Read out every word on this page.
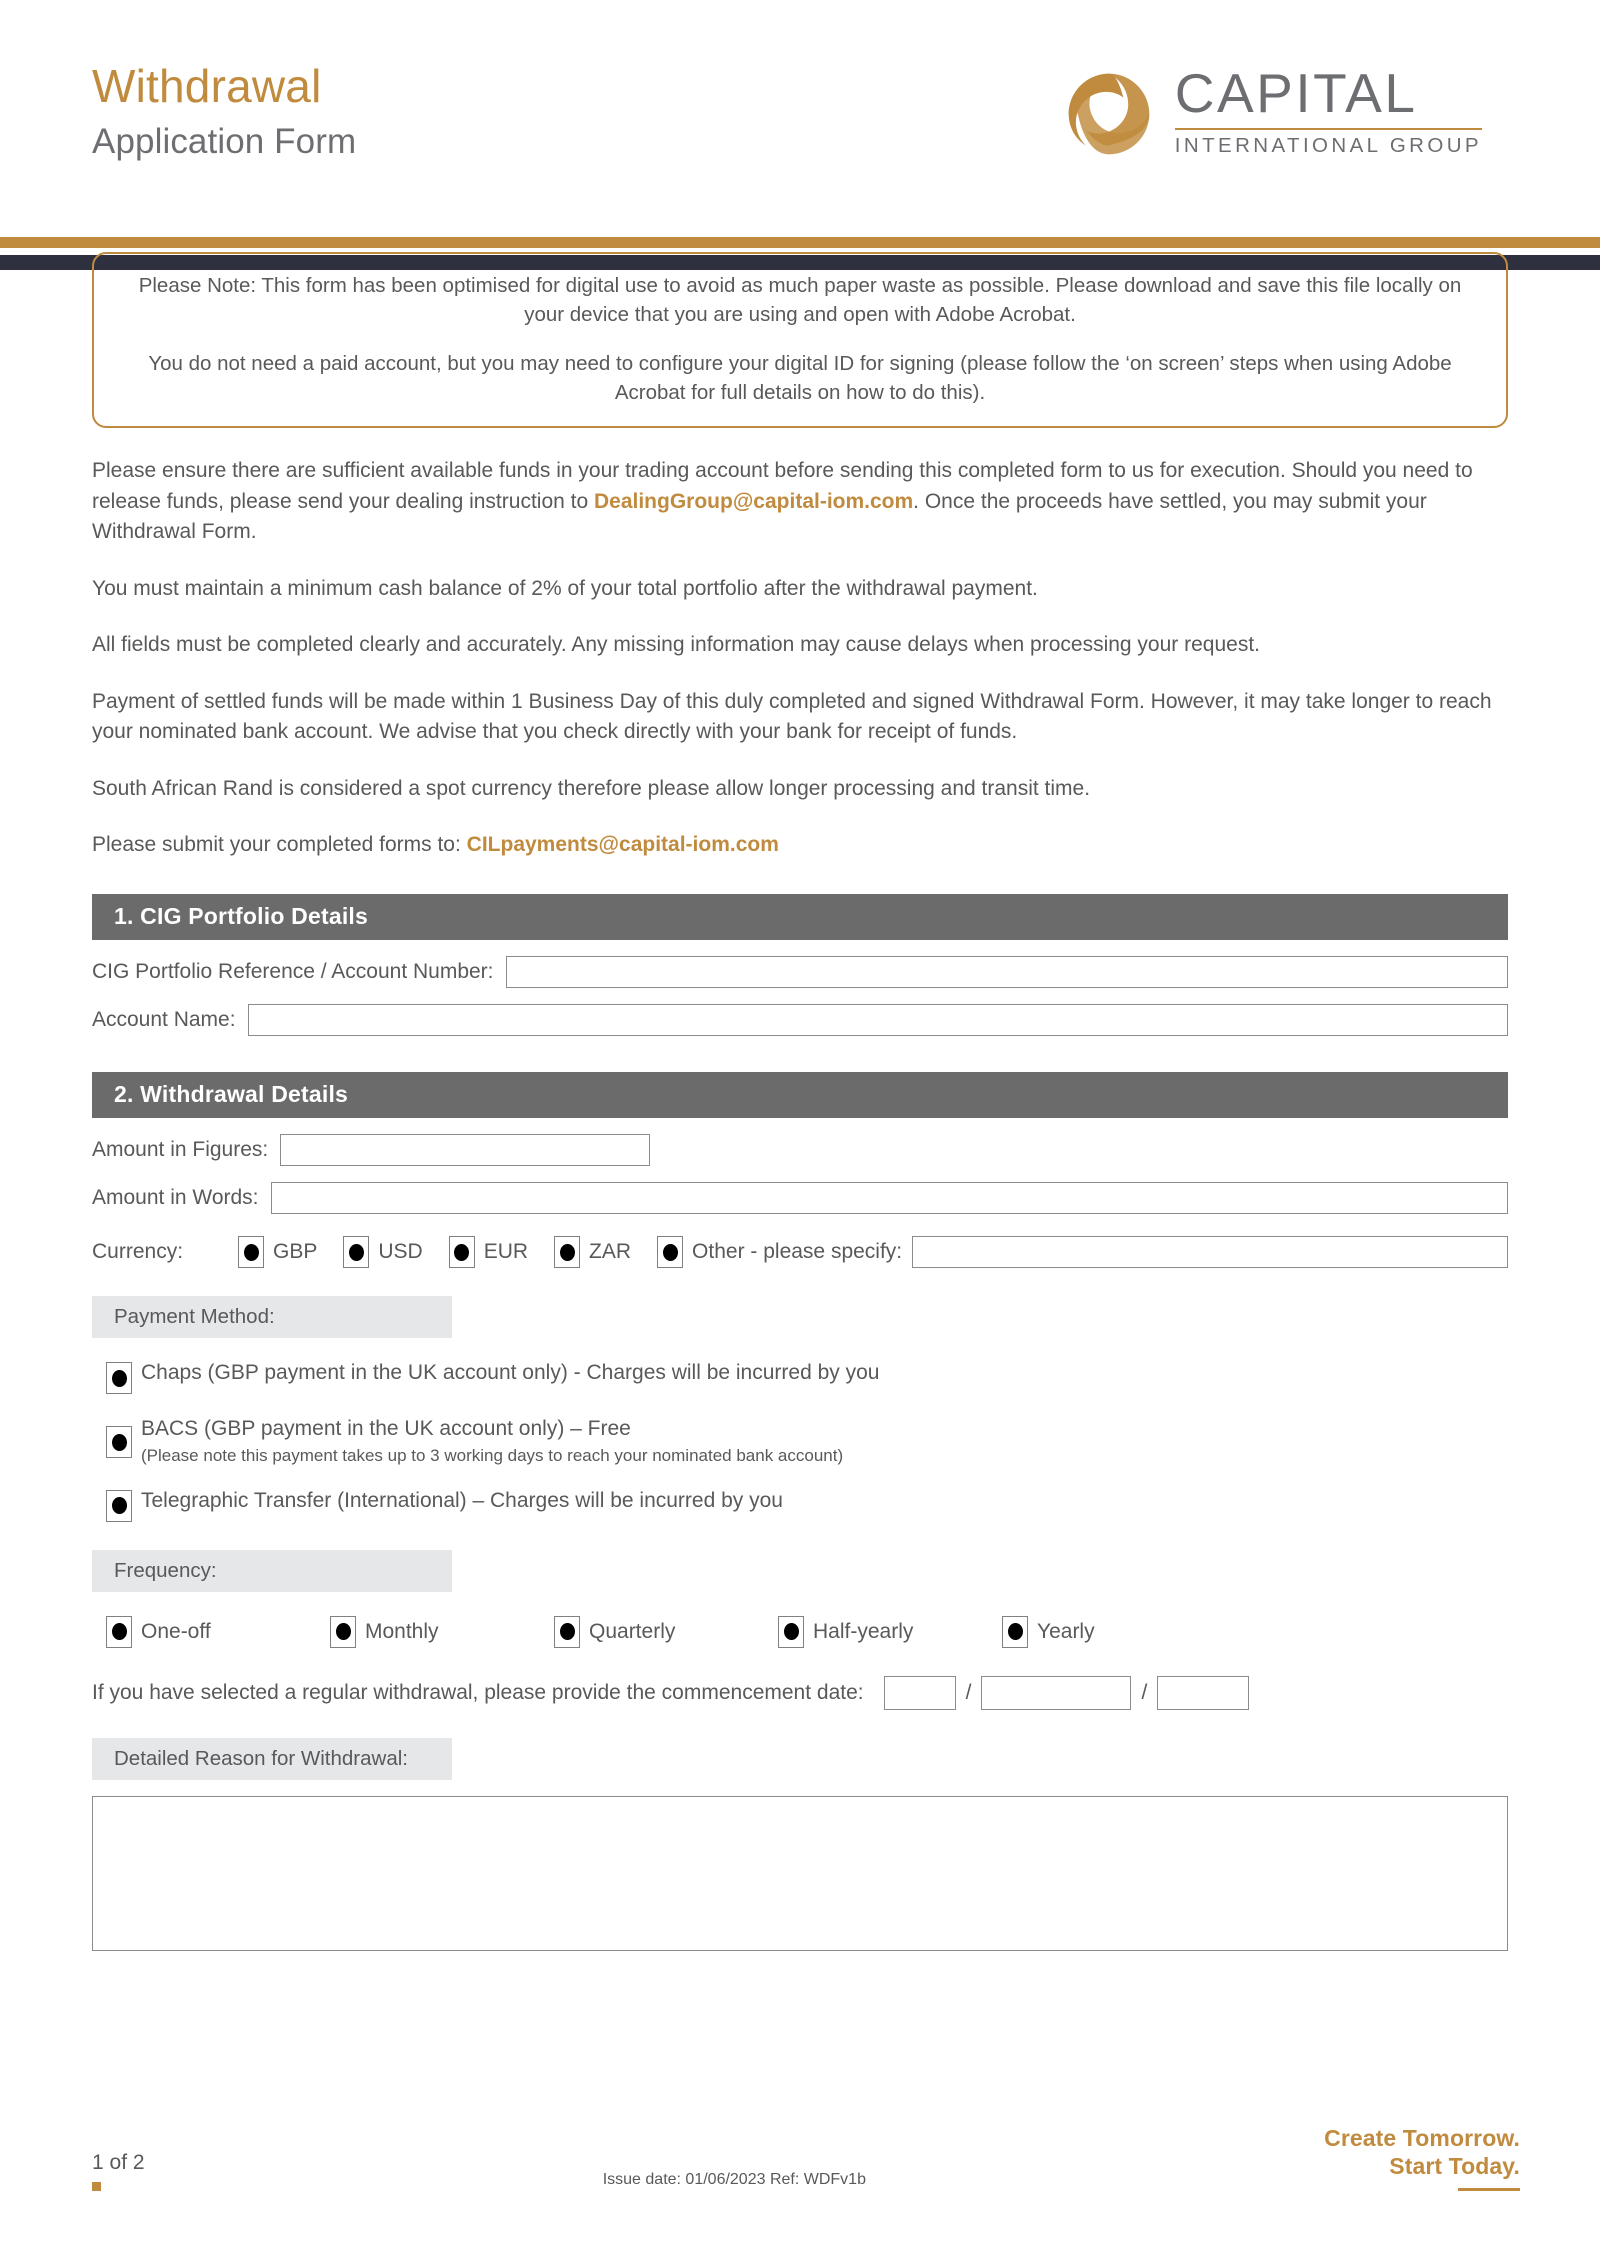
Withdrawal
Application Form
CAPITAL
INTERNATIONAL GROUP

Please Note: This form has been optimised for digital use to avoid as much paper waste as possible. Please download and save this file locally on your device that you are using and open with Adobe Acrobat.

You do not need a paid account, but you may need to configure your digital ID for signing (please follow the ‘on screen’ steps when using Adobe Acrobat for full details on how to do this).

Please ensure there are sufficient available funds in your trading account before sending this completed form to us for execution. Should you need to release funds, please send your dealing instruction to DealingGroup@capital-iom.com. Once the proceeds have settled, you may submit your Withdrawal Form.

You must maintain a minimum cash balance of 2% of your total portfolio after the withdrawal payment.

All fields must be completed clearly and accurately. Any missing information may cause delays when processing your request.

Payment of settled funds will be made within 1 Business Day of this duly completed and signed Withdrawal Form. However, it may take longer to reach your nominated bank account. We advise that you check directly with your bank for receipt of funds.

South African Rand is considered a spot currency therefore please allow longer processing and transit time.

Please submit your completed forms to: CILpayments@capital-iom.com

1. CIG Portfolio Details
CIG Portfolio Reference / Account Number:
Account Name:
2. Withdrawal Details
Amount in Figures:
Amount in Words:
Currency:	GBP	USD	EUR	ZAR	Other - please specify:
Payment Method:
Chaps (GBP payment in the UK account only) - Charges will be incurred by you
BACS (GBP payment in the UK account only) – Free
(Please note this payment takes up to 3 working days to reach your nominated bank account)
Telegraphic Transfer (International) – Charges will be incurred by you
Frequency:
One-off	Monthly	Quarterly	Half-yearly	Yearly
If you have selected a regular withdrawal, please provide the commencement date:	/	/
Detailed Reason for Withdrawal:
1 of 2
Issue date: 01/06/2023 Ref: WDFv1b
Create Tomorrow.
Start Today.
